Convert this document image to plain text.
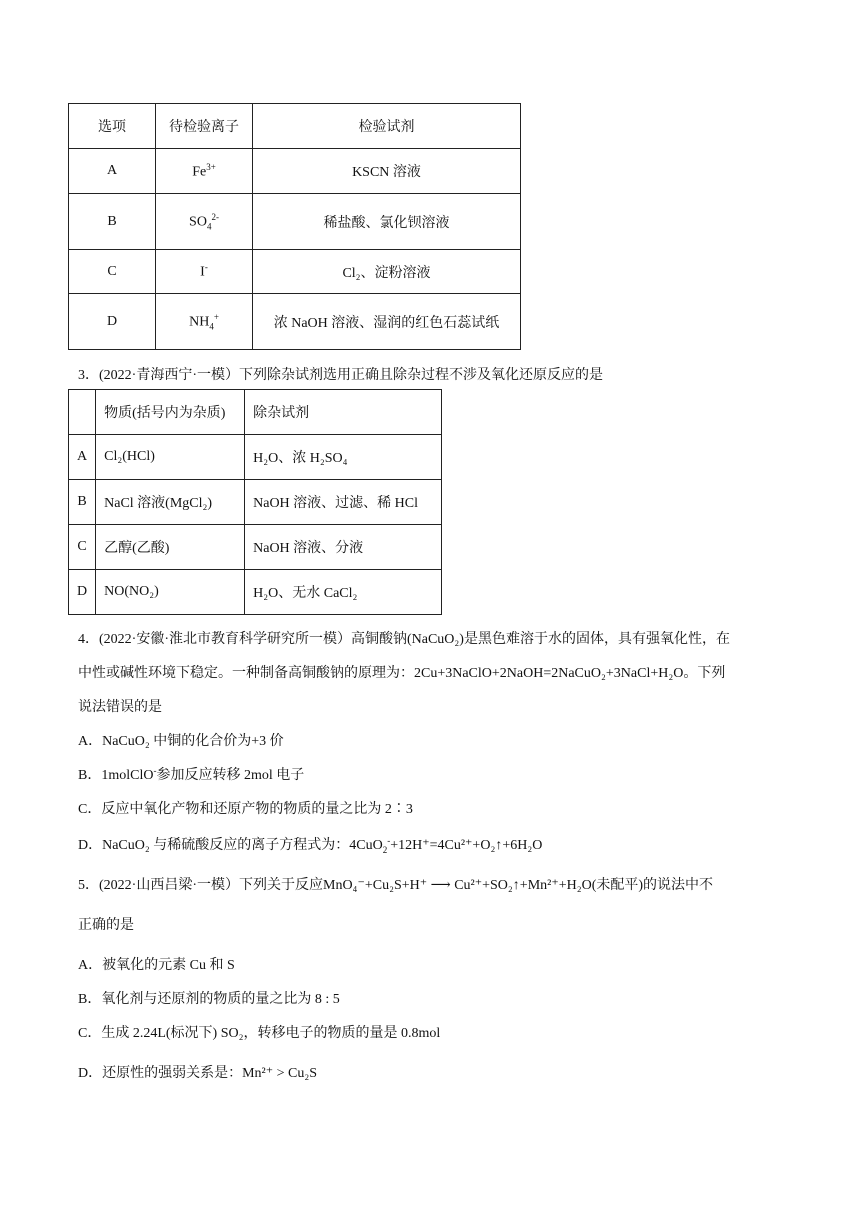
选项	待检验离子	检验试剂
A	$Fe^{3+}$	KSCN 溶液
B	$SO_4^{2-}$	稀盐酸、氯化钡溶液
C	I-	Cl₂、淀粉溶液
D	$NH_4^+$	浓 NaOH 溶液、湿润的红色石蕊试纸
3．(2022·青海西宁·一模）下列除杂试剂选用正确且除杂过程不涉及氧化还原反应的是
	物质(括号内为杂质)	除杂试剂
A	Cl₂(HCl)	H₂O、浓 H₂SO₄
B	NaCl 溶液(MgCl₂)	NaOH 溶液、过滤、稀 HCl
C	乙醇(乙酸)	NaOH 溶液、分液
D	NO(NO₂)	H₂O、无水 CaCl₂
4．(2022·安徽·淮北市教育科学研究所一模）高铜酸钠(NaCuO₂)是黑色难溶于水的固体，具有强氧化性，在
中性或碱性环境下稳定。一种制备高铜酸钠的原理为：2Cu+3NaClO+2NaOH=2NaCuO₂+3NaCl+H₂O。下列
说法错误的是
A．NaCuO₂ 中铜的化合价为+3 价
B．1molClO-参加反应转移 2mol 电子
C．反应中氧化产物和还原产物的物质的量之比为 2∶3
D．NaCuO₂ 与稀硫酸反应的离子方程式为：4CuO$_2$-+12H⁺=4Cu²⁺+O₂↑+6H₂O
5．(2022·山西吕梁·一模）下列关于反应MnO₄⁻+Cu₂S+H⁺ ⟶ Cu²⁺+SO₂↑+Mn²⁺+H₂O(未配平)的说法中不
正确的是
A．被氧化的元素 Cu 和 S
B．氧化剂与还原剂的物质的量之比为 8 : 5
C．生成 2.24L(标况下) SO₂，转移电子的物质的量是 0.8mol
D．还原性的强弱关系是：Mn²⁺ > Cu₂S
